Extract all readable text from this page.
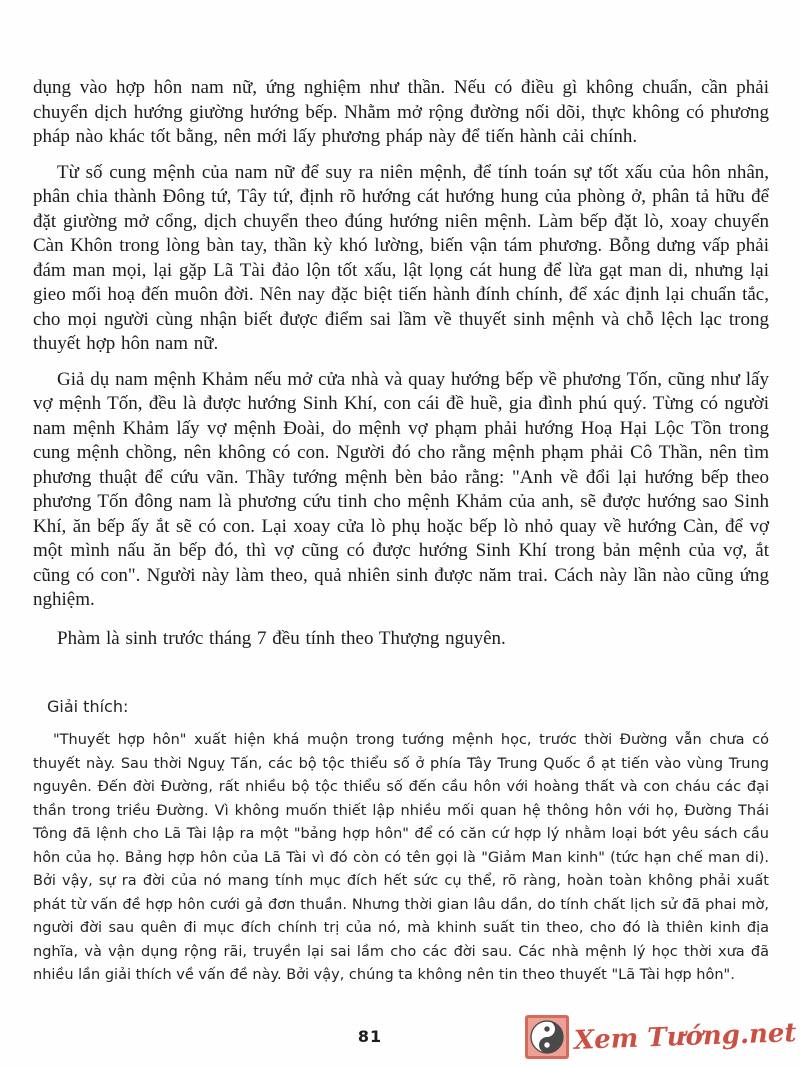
dụng vào hợp hôn nam nữ, ứng nghiệm như thần. Nếu có điều gì không chuẩn, cần phải chuyển dịch hướng giường hướng bếp. Nhằm mở rộng đường nối dõi, thực không có phương pháp nào khác tốt bằng, nên mới lấy phương pháp này để tiến hành cải chính.

Từ số cung mệnh của nam nữ để suy ra niên mệnh, để tính toán sự tốt xấu của hôn nhân, phân chia thành Đông tứ, Tây tứ, định rõ hướng cát hướng hung của phòng ở, phân tả hữu để đặt giường mở cổng, dịch chuyển theo đúng hướng niên mệnh. Làm bếp đặt lò, xoay chuyển Càn Khôn trong lòng bàn tay, thần kỳ khó lường, biến vận tám phương. Bỗng dưng vấp phải đám man mọi, lại gặp Lã Tài đảo lộn tốt xấu, lật lọng cát hung để lừa gạt man di, nhưng lại gieo mối hoạ đến muôn đời. Nên nay đặc biệt tiến hành đính chính, để xác định lại chuẩn tắc, cho mọi người cùng nhận biết được điểm sai lầm về thuyết sinh mệnh và chỗ lệch lạc trong thuyết hợp hôn nam nữ.

Giả dụ nam mệnh Khảm nếu mở cửa nhà và quay hướng bếp về phương Tốn, cũng như lấy vợ mệnh Tốn, đều là được hướng Sinh Khí, con cái đề huề, gia đình phú quý. Từng có người nam mệnh Khảm lấy vợ mệnh Đoài, do mệnh vợ phạm phải hướng Hoạ Hại Lộc Tồn trong cung mệnh chồng, nên không có con. Người đó cho rằng mệnh phạm phải Cô Thần, nên tìm phương thuật để cứu vãn. Thầy tướng mệnh bèn bảo rằng: "Anh về đổi lại hướng bếp theo phương Tốn đông nam là phương cứu tinh cho mệnh Khảm của anh, sẽ được hướng sao Sinh Khí, ăn bếp ấy ắt sẽ có con. Lại xoay cửa lò phụ hoặc bếp lò nhỏ quay về hướng Càn, để vợ một mình nấu ăn bếp đó, thì vợ cũng có được hướng Sinh Khí trong bản mệnh của vợ, ắt cũng có con". Người này làm theo, quả nhiên sinh được năm trai. Cách này lần nào cũng ứng nghiệm.

Phàm là sinh trước tháng 7 đều tính theo Thượng nguyên.

Giải thích:

"Thuyết hợp hôn" xuất hiện khá muộn trong tướng mệnh học, trước thời Đường vẫn chưa có thuyết này. Sau thời Nguỵ Tấn, các bộ tộc thiểu số ở phía Tây Trung Quốc ồ ạt tiến vào vùng Trung nguyên. Đến đời Đường, rất nhiều bộ tộc thiểu số đến cầu hôn với hoàng thất và con cháu các đại thần trong triều Đường. Vì không muốn thiết lập nhiều mối quan hệ thông hôn với họ, Đường Thái Tông đã lệnh cho Lã Tài lập ra một "bảng hợp hôn" để có căn cứ hợp lý nhằm loại bớt yêu sách cầu hôn của họ. Bảng hợp hôn của Lã Tài vì đó còn có tên gọi là "Giảm Man kinh" (tức hạn chế man di). Bởi vậy, sự ra đời của nó mang tính mục đích hết sức cụ thể, rõ ràng, hoàn toàn không phải xuất phát từ vấn đề hợp hôn cưới gả đơn thuần. Nhưng thời gian lâu dần, do tính chất lịch sử đã phai mờ, người đời sau quên đi mục đích chính trị của nó, mà khinh suất tin theo, cho đó là thiên kinh địa nghĩa, và vận dụng rộng rãi, truyền lại sai lầm cho các đời sau. Các nhà mệnh lý học thời xưa đã nhiều lần giải thích về vấn đề này. Bởi vậy, chúng ta không nên tin theo thuyết "Lã Tài hợp hôn".

81	Xem Tướng.net
